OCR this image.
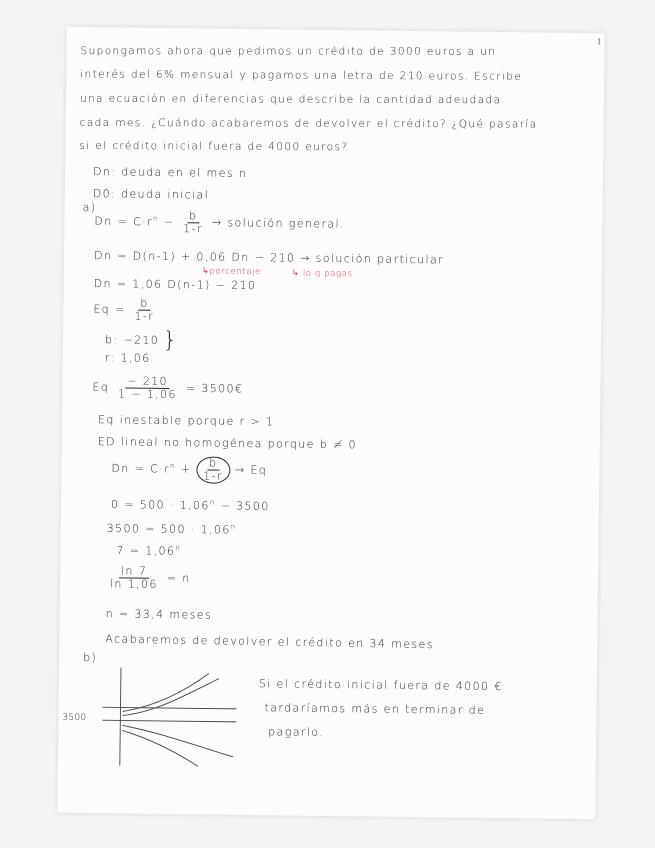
1
Supongamos ahora que pedimos un crédito de 3000 euros a un
interés del 6% mensual y pagamos una letra de 210 euros. Escribe
una ecuación en diferencias que describe la cantidad adeudada
cada mes. ¿Cuándo acabaremos de devolver el crédito? ¿Qué pasaría
si el crédito inicial fuera de 4000 euros?
Dn: deuda en el mes n
D0: deuda inicial
a)
$Dn = C\cdot r^n - \frac{b}{1-r}$ → solución general.
Dn = D(n-1) + 0,06 Dn − 210 → solución particular
↳porcentaje	↳ lo q pagas
Dn = 1,06 D(n-1) − 210
$Eq = \frac{b}{1-r}$
b: −210
r: 1,06
}
Eq $\frac{- 210}{1 - 1,06}$ = 3500€
Eq inestable porque r > 1
ED lineal no homogénea porque b ≠ 0
$Dn = C\cdot r^n + \frac{b}{1-r} \to Eq$
$0 = 500 \cdot 1,06^n - 3500$
$3500 = 500 \cdot 1,06^n$
$7 = 1,06^n$
$\frac{\ln 7}{\ln 1,06} = n$
n = 33,4 meses
Acabaremos de devolver el crédito en 34 meses
b)
3500
Si el crédito inicial fuera de 4000 €
tardaríamos más en terminar de
pagarlo.
